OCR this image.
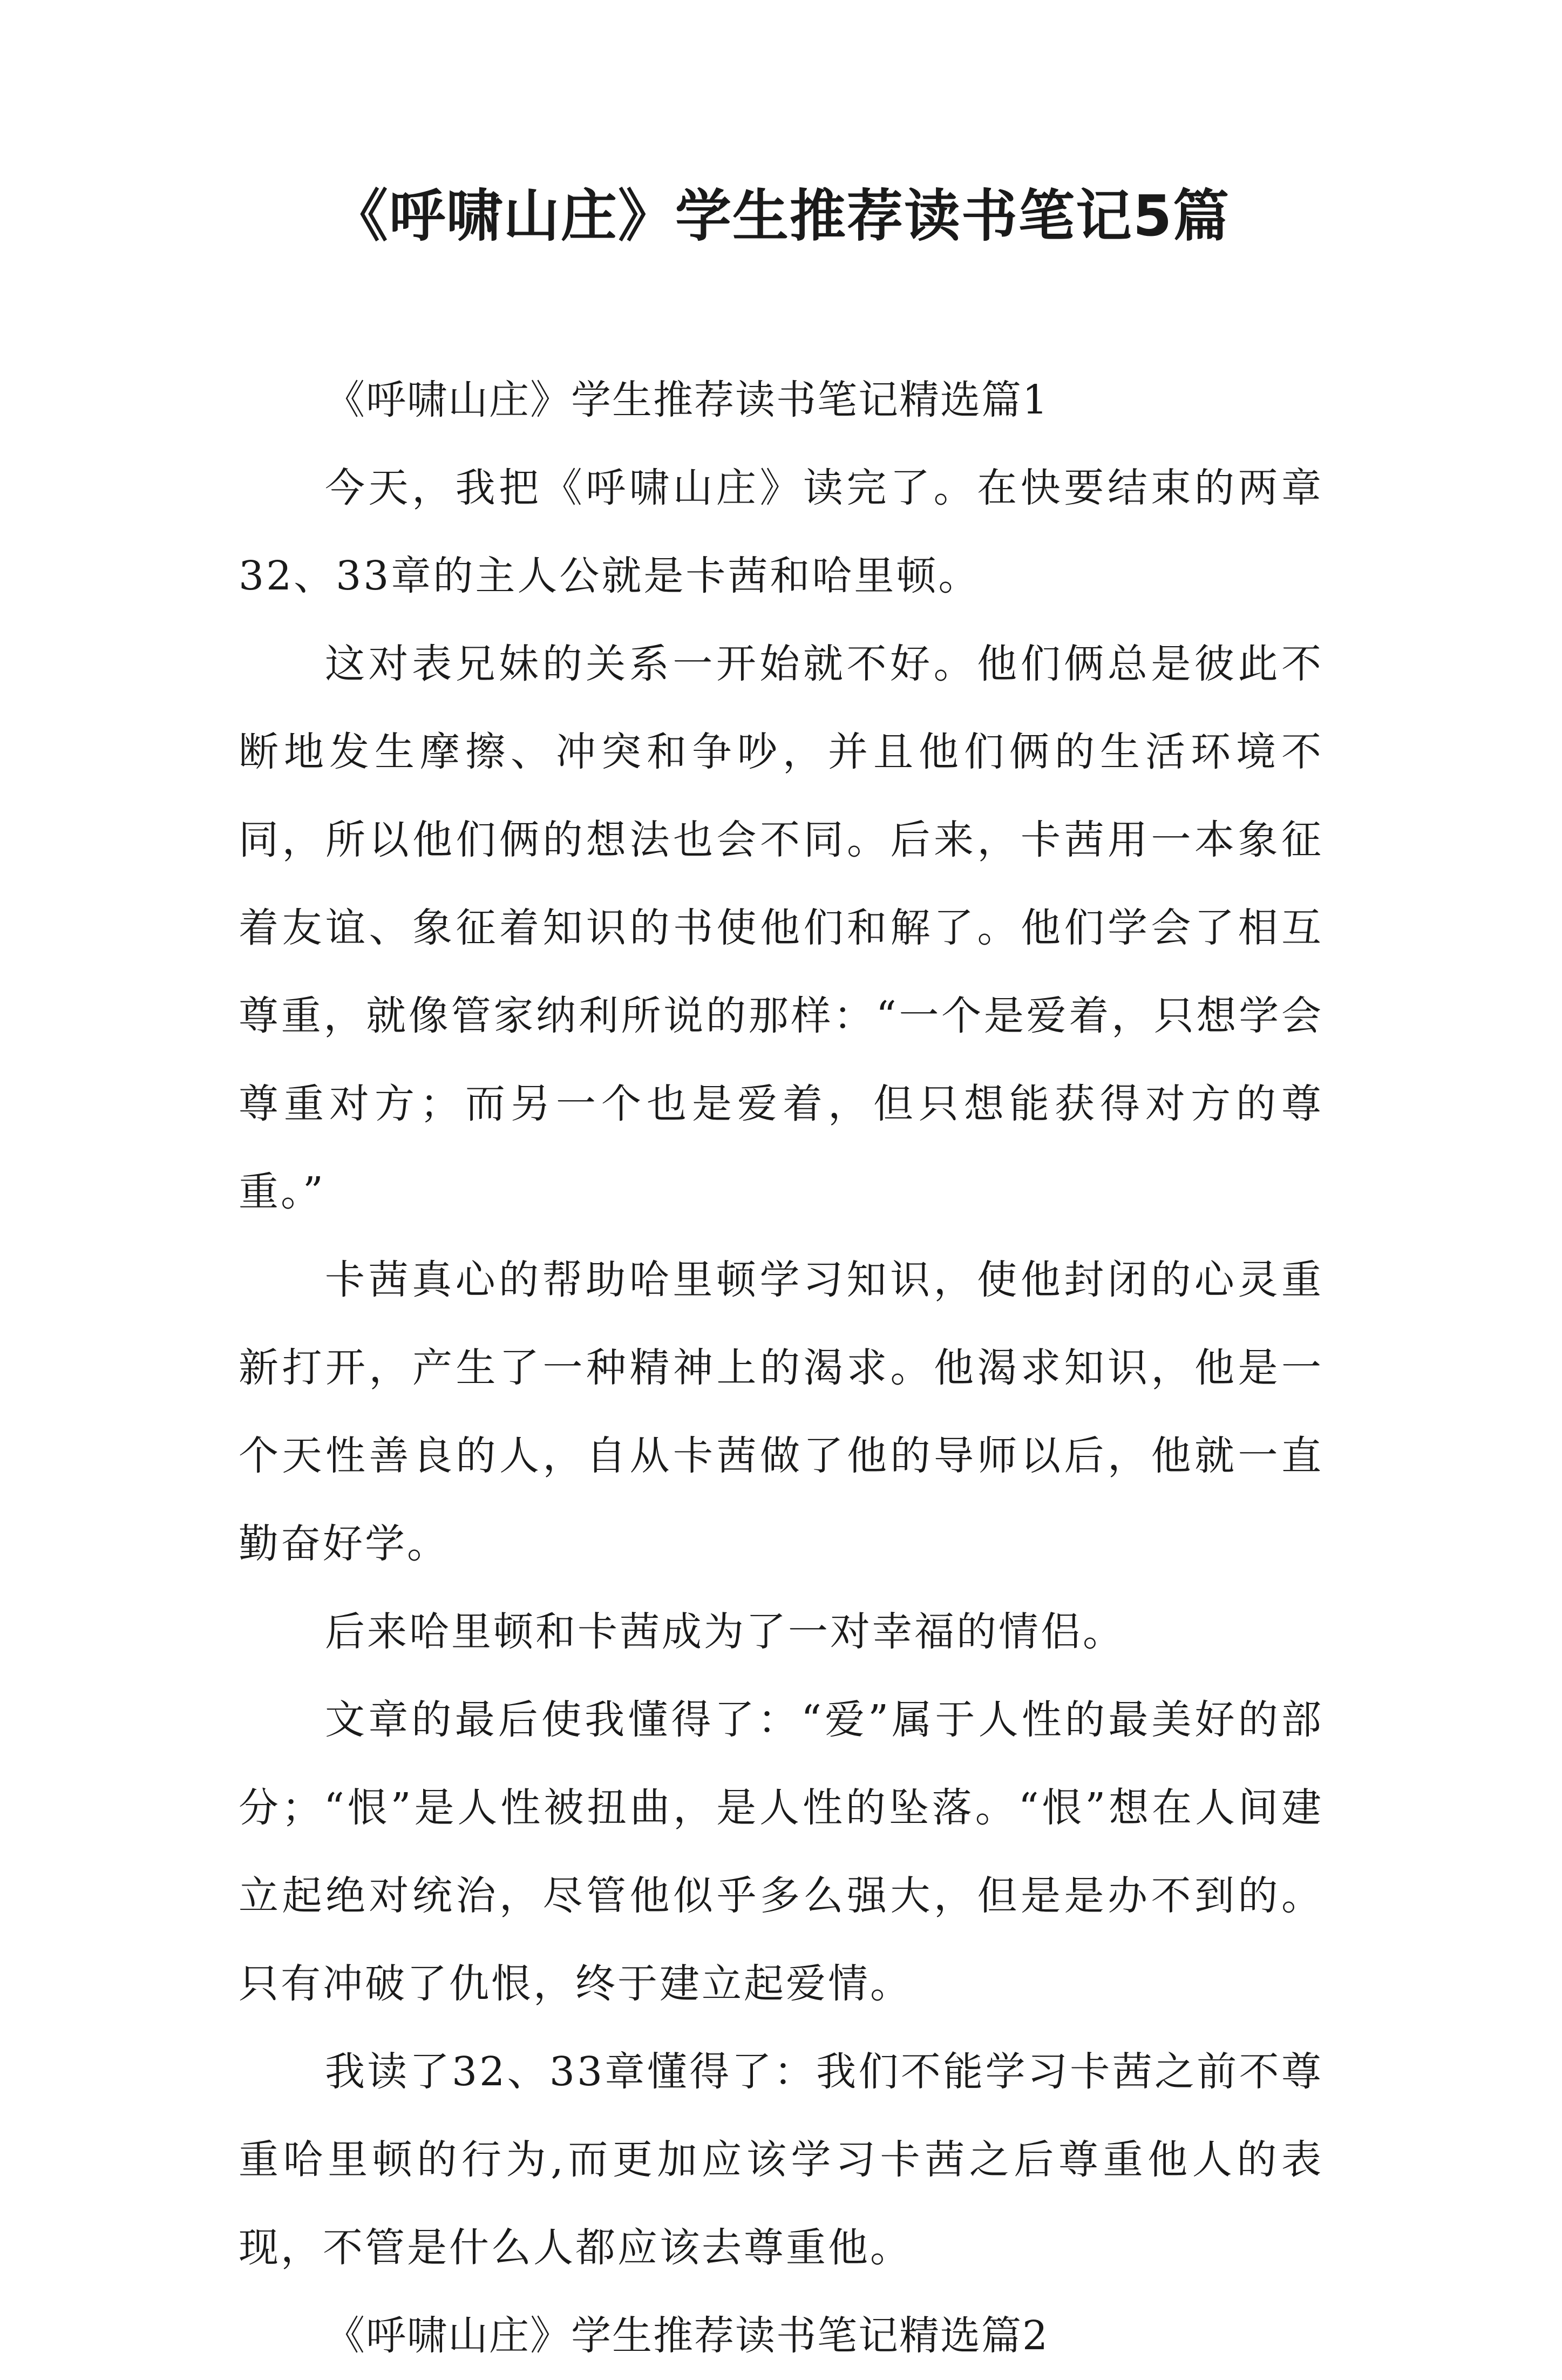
《呼啸山庄》学生推荐读书笔记5篇

《呼啸山庄》学生推荐读书笔记精选篇1

今天，我把《呼啸山庄》读完了。在快要结束的两章32、33章的主人公就是卡茜和哈里顿。

这对表兄妹的关系一开始就不好。他们俩总是彼此不断地发生摩擦、冲突和争吵，并且他们俩的生活环境不同，所以他们俩的想法也会不同。后来，卡茜用一本象征着友谊、象征着知识的书使他们和解了。他们学会了相互尊重，就像管家纳利所说的那样：“一个是爱着，只想学会尊重对方；而另一个也是爱着，但只想能获得对方的尊重。”

卡茜真心的帮助哈里顿学习知识，使他封闭的心灵重新打开，产生了一种精神上的渴求。他渴求知识，他是一个天性善良的人，自从卡茜做了他的导师以后，他就一直勤奋好学。

后来哈里顿和卡茜成为了一对幸福的情侣。

文章的最后使我懂得了：“爱”属于人性的最美好的部分；“恨”是人性被扭曲，是人性的坠落。“恨”想在人间建立起绝对统治，尽管他似乎多么强大，但是是办不到的。只有冲破了仇恨，终于建立起爱情。

我读了32、33章懂得了：我们不能学习卡茜之前不尊重哈里顿的行为,而更加应该学习卡茜之后尊重他人的表现，不管是什么人都应该去尊重他。

《呼啸山庄》学生推荐读书笔记精选篇2
